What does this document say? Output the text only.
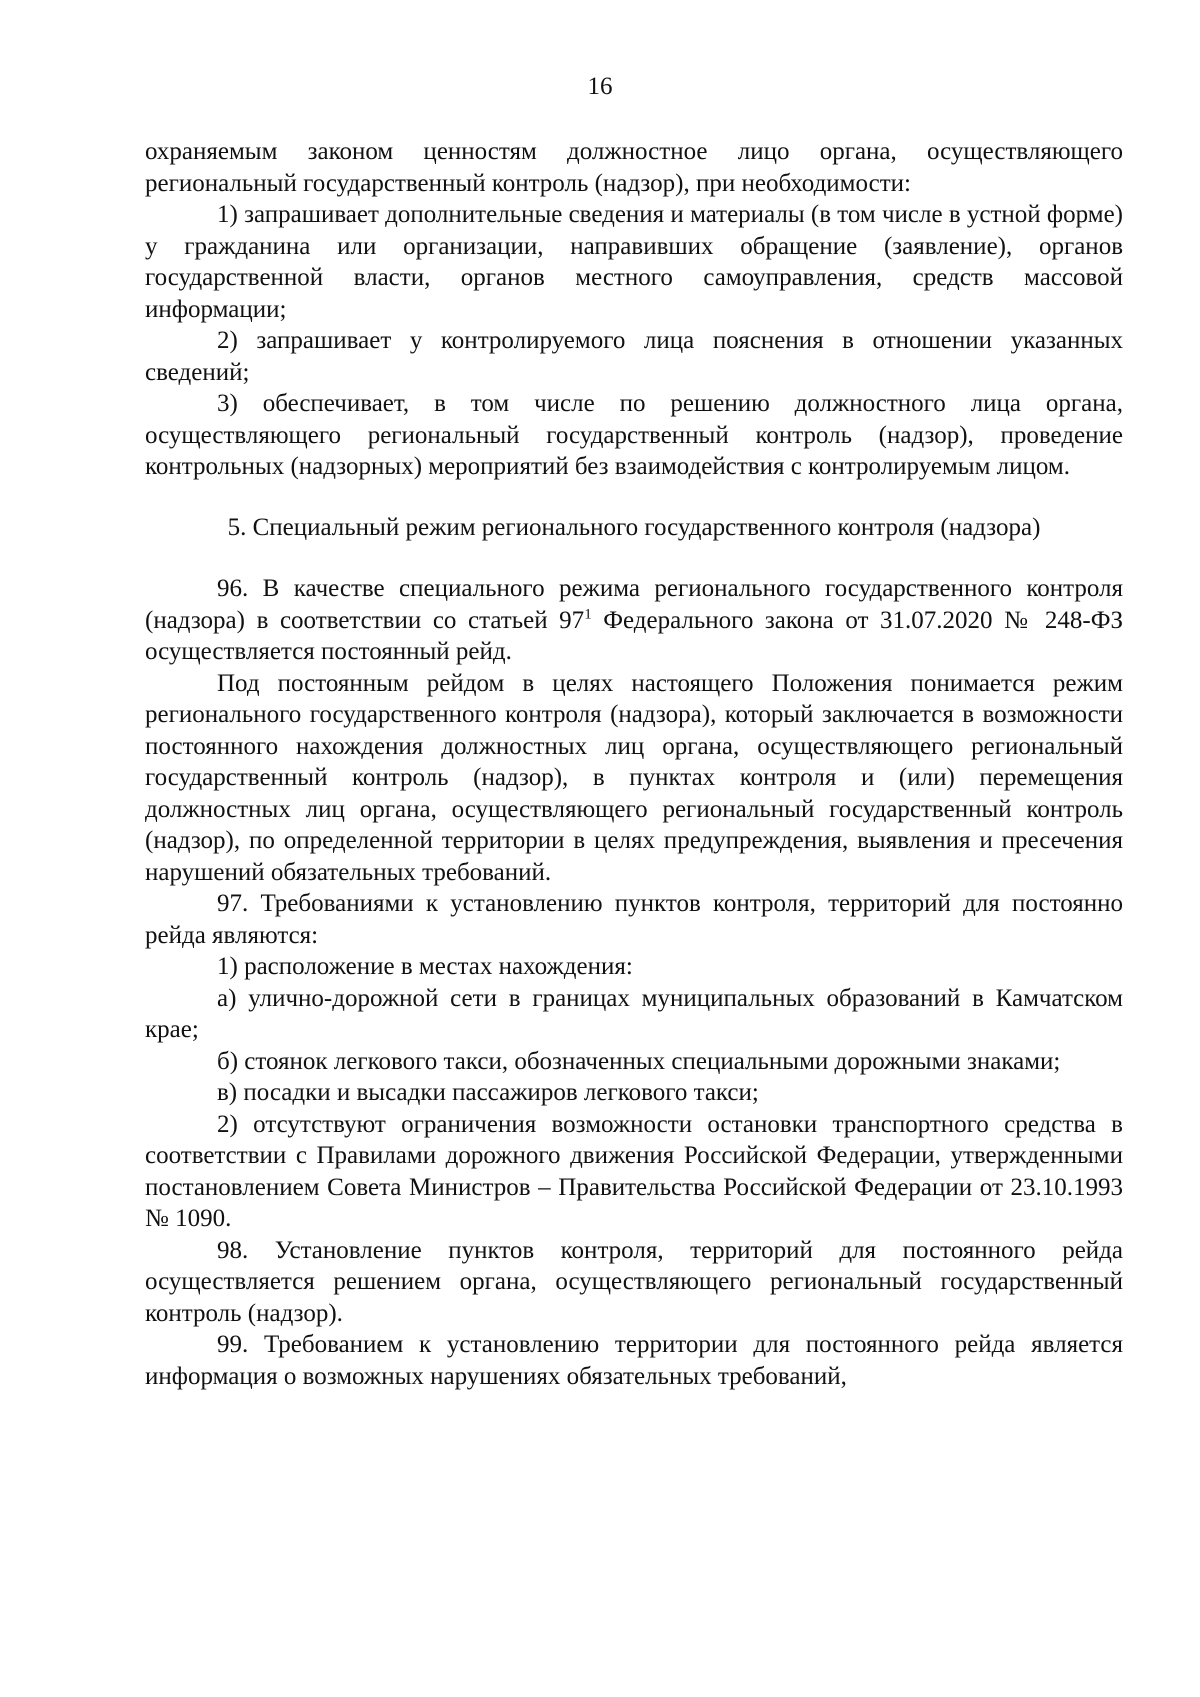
16

охраняемым законом ценностям должностное лицо органа, осуществляющего региональный государственный контроль (надзор), при необходимости:

1) запрашивает дополнительные сведения и материалы (в том числе в устной форме) у гражданина или организации, направивших обращение (заявление), органов государственной власти, органов местного самоуправления, средств массовой информации;

2) запрашивает у контролируемого лица пояснения в отношении указанных сведений;

3) обеспечивает, в том числе по решению должностного лица органа, осуществляющего региональный государственный контроль (надзор), проведение контрольных (надзорных) мероприятий без взаимодействия с контролируемым лицом.

5. Специальный режим регионального государственного контроля (надзора)

96. В качестве специального режима регионального государственного контроля (надзора) в соответствии со статьей $97^1$ Федерального закона от 31.07.2020 № 248-ФЗ осуществляется постоянный рейд.

Под постоянным рейдом в целях настоящего Положения понимается режим регионального государственного контроля (надзора), который заключается в возможности постоянного нахождения должностных лиц органа, осуществляющего региональный государственный контроль (надзор), в пунктах контроля и (или) перемещения должностных лиц органа, осуществляющего региональный государственный контроль (надзор), по определенной территории в целях предупреждения, выявления и пресечения нарушений обязательных требований.

97. Требованиями к установлению пунктов контроля, территорий для постоянно рейда являются:

1) расположение в местах нахождения:

а) улично-дорожной сети в границах муниципальных образований в Камчатском крае;

б) стоянок легкового такси, обозначенных специальными дорожными знаками;

в) посадки и высадки пассажиров легкового такси;

2) отсутствуют ограничения возможности остановки транспортного средства в соответствии с Правилами дорожного движения Российской Федерации, утвержденными постановлением Совета Министров – Правительства Российской Федерации от 23.10.1993 № 1090.

98. Установление пунктов контроля, территорий для постоянного рейда осуществляется решением органа, осуществляющего региональный государственный контроль (надзор).

99. Требованием к установлению территории для постоянного рейда является информация о возможных нарушениях обязательных требований,
